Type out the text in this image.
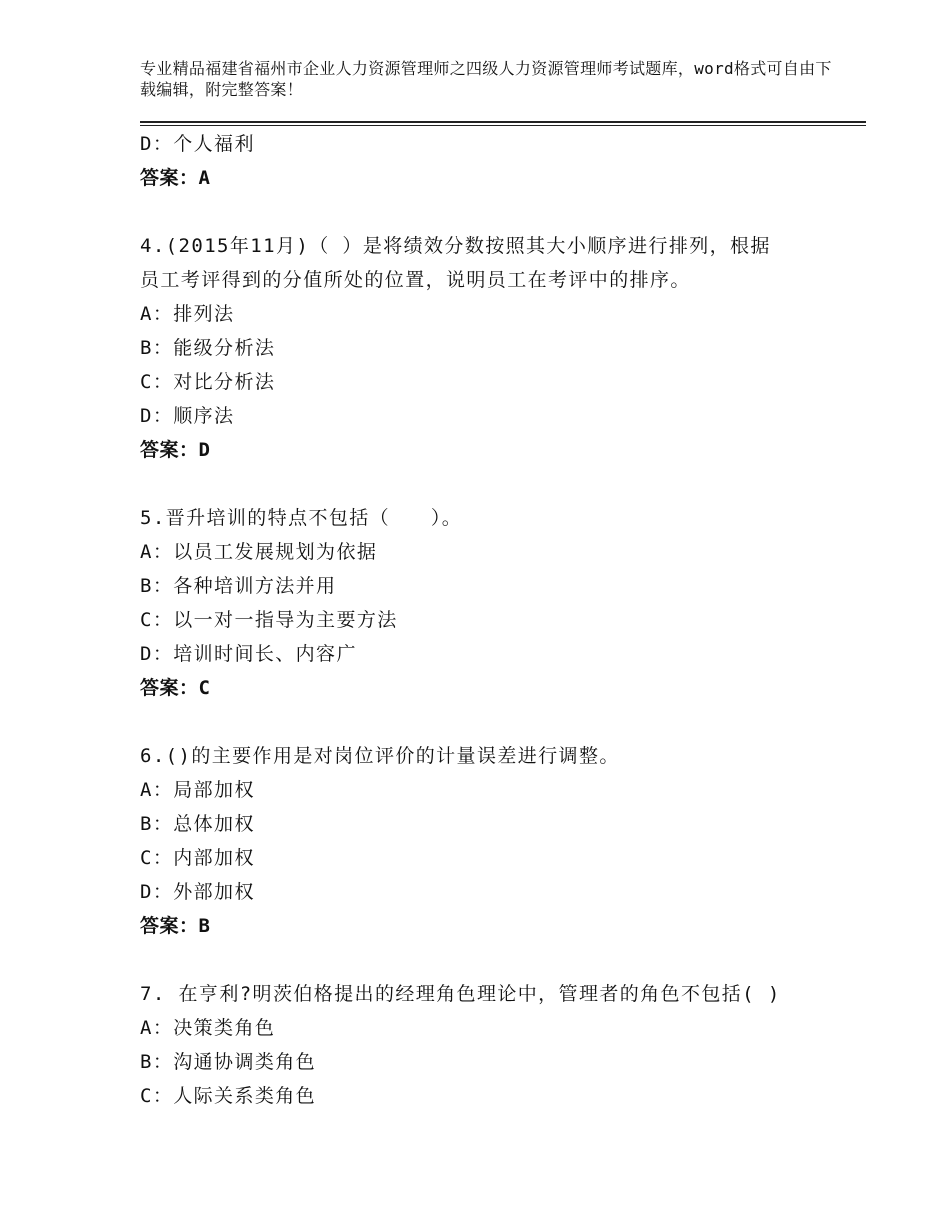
专业精品福建省福州市企业人力资源管理师之四级人力资源管理师考试题库，word格式可自由下载编辑，附完整答案！
D：个人福利
答案：A
4.(2015年11月)（ ）是将绩效分数按照其大小顺序进行排列，根据
员工考评得到的分值所处的位置，说明员工在考评中的排序。
A：排列法
B：能级分析法
C：对比分析法
D：顺序法
答案：D
5.晋升培训的特点不包括（　　）。
A：以员工发展规划为依据
B：各种培训方法并用
C：以一对一指导为主要方法
D：培训时间长、内容广
答案：C
6.()的主要作用是对岗位评价的计量误差进行调整。
A：局部加权
B：总体加权
C：内部加权
D：外部加权
答案：B
7. 在亨利?明茨伯格提出的经理角色理论中，管理者的角色不包括( )
A：决策类角色
B：沟通协调类角色
C：人际关系类角色
